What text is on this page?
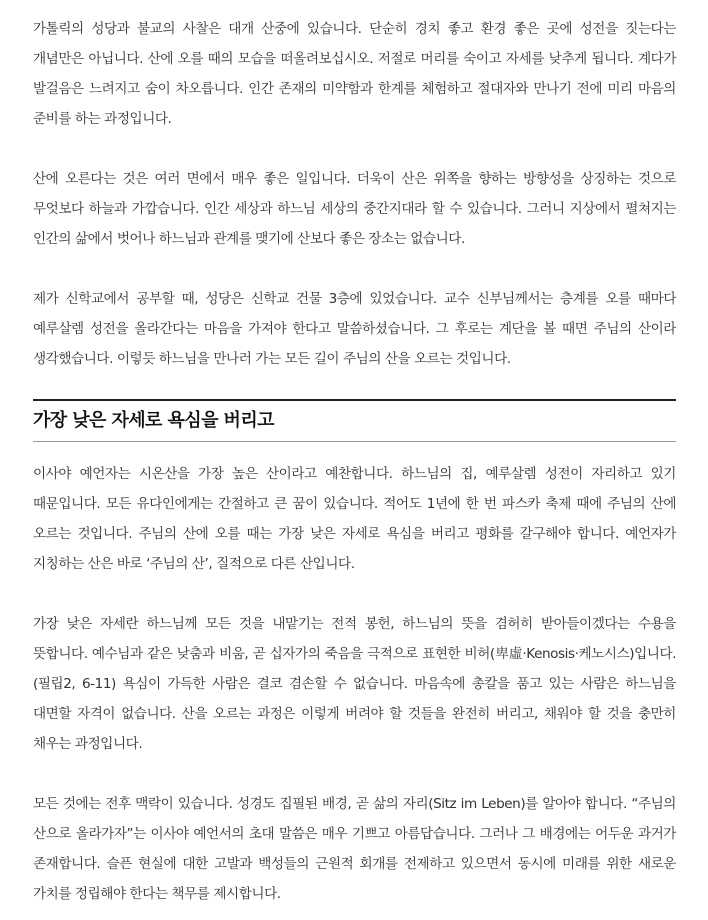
가톨릭의 성당과 불교의 사찰은 대개 산중에 있습니다. 단순히 경치 좋고 환경 좋은 곳에 성전을 짓는다는 개념만은 아닙니다. 산에 오를 때의 모습을 떠올려보십시오. 저절로 머리를 숙이고 자세를 낮추게 됩니다. 계다가 발걸음은 느려지고 숨이 차오릅니다. 인간 존재의 미약함과 한계를 체험하고 절대자와 만나기 전에 미리 마음의 준비를 하는 과정입니다.

산에 오른다는 것은 여러 면에서 매우 좋은 일입니다. 더욱이 산은 위쪽을 향하는 방향성을 상징하는 것으로 무엇보다 하늘과 가깝습니다. 인간 세상과 하느님 세상의 중간지대라 할 수 있습니다. 그러니 지상에서 펼쳐지는 인간의 삶에서 벗어나 하느님과 관계를 맺기에 산보다 좋은 장소는 없습니다.

제가 신학교에서 공부할 때, 성당은 신학교 건물 3층에 있었습니다. 교수 신부님께서는 층계를 오를 때마다 예루살렘 성전을 올라간다는 마음을 가져야 한다고 말씀하셨습니다. 그 후로는 계단을 볼 때면 주님의 산이라 생각했습니다. 이렇듯 하느님을 만나러 가는 모든 길이 주님의 산을 오르는 것입니다.

가장 낮은 자세로 욕심을 버리고

이사야 예언자는 시온산을 가장 높은 산이라고 예찬합니다. 하느님의 집, 예루살렘 성전이 자리하고 있기 때문입니다. 모든 유다인에게는 간절하고 큰 꿈이 있습니다. 적어도 1년에 한 번 파스카 축제 때에 주님의 산에 오르는 것입니다. 주님의 산에 오를 때는 가장 낮은 자세로 욕심을 버리고 평화를 갈구해야 합니다. 예언자가 지칭하는 산은 바로 ‘주님의 산’, 질적으로 다른 산입니다.

가장 낮은 자세란 하느님께 모든 것을 내맡기는 전적 봉헌, 하느님의 뜻을 겸허히 받아들이겠다는 수용을 뜻합니다. 예수님과 같은 낮춤과 비움, 곧 십자가의 죽음을 극적으로 표현한 비허(卑虛·Kenosis·케노시스)입니다.(필립2, 6-11) 욕심이 가득한 사람은 결코 겸손할 수 없습니다. 마음속에 총칼을 품고 있는 사람은 하느님을 대면할 자격이 없습니다. 산을 오르는 과정은 이렇게 버려야 할 것들을 완전히 버리고, 채워야 할 것을 충만히 채우는 과정입니다.

모든 것에는 전후 맥락이 있습니다. 성경도 집필된 배경, 곧 삶의 자리(Sitz im Leben)를 알아야 합니다. “주님의 산으로 올라가자”는 이사야 예언서의 초대 말씀은 매우 기쁘고 아름답습니다. 그러나 그 배경에는 어두운 과거가 존재합니다. 슬픈 현실에 대한 고발과 백성들의 근원적 회개를 전제하고 있으면서 동시에 미래를 위한 새로운 가치를 정립해야 한다는 책무를 제시합니다.
